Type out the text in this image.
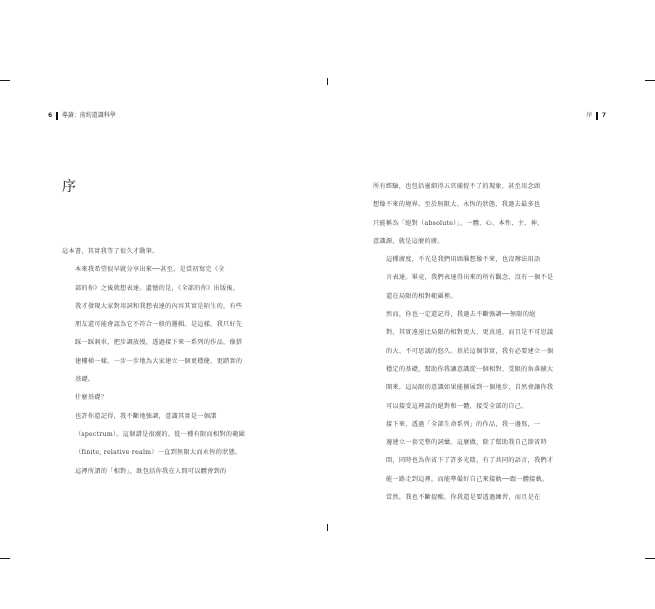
6 導讀：前約還識科學	序 7
序

這本書，其實我等了很久才動筆。

本來我希望很早就分享出來──甚至，是當初寫完《全
部的你》之後就想表達。遺憾的是，《全部的你》出版後，
我才發現大家對用詞和我想表達的內容其實是陌生的，有些
朋友還可能會認為它不符合一般的邏輯。是這樣，我只好先
踩一踩剎車，把步調放慢，透過接下來一系列的作品，像搭
建樓梯一樣，一步一步地為大家建立一個更穩健、更踏實的
基礎。

什麼基礎？

也許你還記得，我不斷地強調，意識其實是一個譜
（spectrum）。這個譜是很廣的，從一種有限而相對的範圍
（finite, relative realm）一直到無限大而永恆的狀態。

這裡所謂的「相對」，既包括你我在人間可以體會到的

所有經驗，也包括靈細得五官捕捉不了的現象，甚至用念頭
想像不來的境界。至於無限大、永恆的狀態，我過去最多也
只能稱為「絕對（absolute）」、一體、心、本性、主、神，
意識源，就是這麼的廣。

這種廣度，不光是我們用頭腦想像不來，也沒辦法用語
言表達。畢竟，我們表達得出來的所有觀念，沒有一個不是
還在局限的相對範圍裡。

然而，你也一定還記得，我過去不斷強調──無限的絕
對，其實遠遠比局限的相對更大、更真遠，而且是不可思議
的大、不可思議的悠久。基於這個事實，我有必要建立一個
穩定的基礎，幫助你我讓意識從一個相對、受限的角落擴大
開來，這局限的意識如果能擴展到一個地步，自然會讓你我
可以接受這裡談的絕對和一體，接受全部的自己。

接下來，透過「全部生命系列」的作品，我一邊寫，一
邊建立一套完整的詞彙。這麼做，除了幫助我自己節省時
間，同時也為你省下了許多光陰，有了共同的語言，我們才
能一路走到這裡，而能準備好自己來接軌──跟一體接軌。

當然，我也不斷提醒，你我還是要透過練習，而且是在
